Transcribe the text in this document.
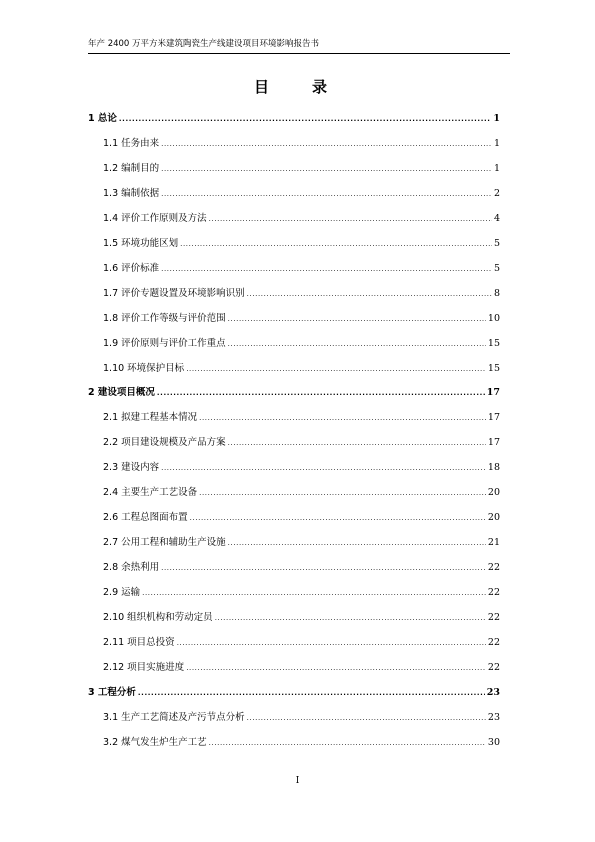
年产 2400 万平方米建筑陶瓷生产线建设项目环境影响报告书
目　录
1 总论 .....	1
1.1 任务由来 .....	1
1.2 编制目的 .....	1
1.3 编制依据 .....	2
1.4 评价工作原则及方法 .....	4
1.5 环境功能区划 .....	5
1.6 评价标准 .....	5
1.7 评价专题设置及环境影响识别 .....	8
1.8 评价工作等级与评价范围 .....	10
1.9 评价原则与评价工作重点 .....	15
1.10 环境保护目标 .....	15
2 建设项目概况 .....	17
2.1 拟建工程基本情况 .....	17
2.2 项目建设规模及产品方案 .....	17
2.3 建设内容 .....	18
2.4 主要生产工艺设备 .....	20
2.6 工程总图面布置 .....	20
2.7 公用工程和辅助生产设施 .....	21
2.8 余热利用 .....	22
2.9 运输 .....	22
2.10 组织机构和劳动定员 .....	22
2.11 项目总投资 .....	22
2.12 项目实施进度 .....	22
3 工程分析 .....	23
3.1 生产工艺简述及产污节点分析 .....	23
3.2 煤气发生炉生产工艺 .....	30
I
